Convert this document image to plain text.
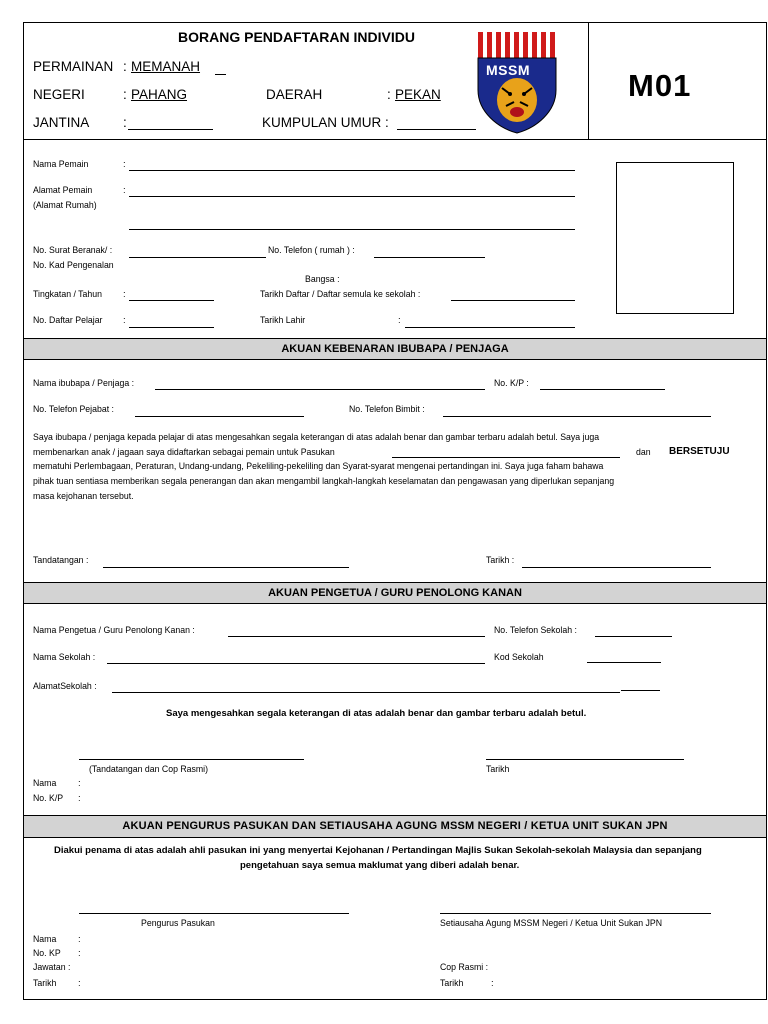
BORANG PENDAFTARAN INDIVIDU
PERMAINAN : MEMANAH
NEGERI	: PAHANG	DAERAH	: PEKAN
JANTINA :	KUMPULAN UMUR :
MSSM	M01
Nama Pemain	:
Alamat Pemain	:
(Alamat Rumah)
No. Surat Beranak/ :
No. Kad Pengenalan
No. Telefon ( rumah ) :
Bangsa :
Tingkatan / Tahun :	Tarikh Daftar / Daftar semula ke sekolah :
No. Daftar Pelajar :	Tarikh Lahir	:
AKUAN KEBENARAN IBUBAPA / PENJAGA
Nama ibubapa / Penjaga :	No. K/P :
No. Telefon Pejabat :	No. Telefon Bimbit :
Saya ibubapa / penjaga kepada pelajar di atas mengesahkan segala keterangan di atas adalah benar dan gambar terbaru adalah betul. Saya juga
membenarkan anak / jagaan saya didaftarkan sebagai pemain untuk Pasukan	dan BERSETUJU
mematuhi Perlembagaan, Peraturan, Undang-undang, Pekeliling-pekeliling dan Syarat-syarat mengenai pertandingan ini. Saya juga faham bahawa
pihak tuan sentiasa memberikan segala penerangan dan akan mengambil langkah-langkah keselamatan dan pengawasan yang diperlukan sepanjang
masa kejohanan tersebut.
Tandatangan :	Tarikh :
AKUAN PENGETUA / GURU PENOLONG KANAN
Nama Pengetua / Guru Penolong Kanan :	No. Telefon Sekolah :
Nama Sekolah :	Kod Sekolah
AlamatSekolah :
Saya mengesahkan segala keterangan di atas adalah benar dan gambar terbaru adalah betul.
(Tandatangan dan Cop Rasmi)	Tarikh
Nama :
No. K/P :
AKUAN PENGURUS PASUKAN DAN SETIAUSAHA AGUNG MSSM NEGERI / KETUA UNIT SUKAN JPN
Diakui penama di atas adalah ahli pasukan ini yang menyertai Kejohanan / Pertandingan Majlis Sukan Sekolah-sekolah Malaysia dan sepanjang
pengetahuan saya semua maklumat yang diberi adalah benar.
Pengurus Pasukan	Setiausaha Agung MSSM Negeri / Ketua Unit Sukan JPN
Nama :
No. KP :
Jawatan :
Tarikh :
Cop Rasmi :
Tarikh	:
